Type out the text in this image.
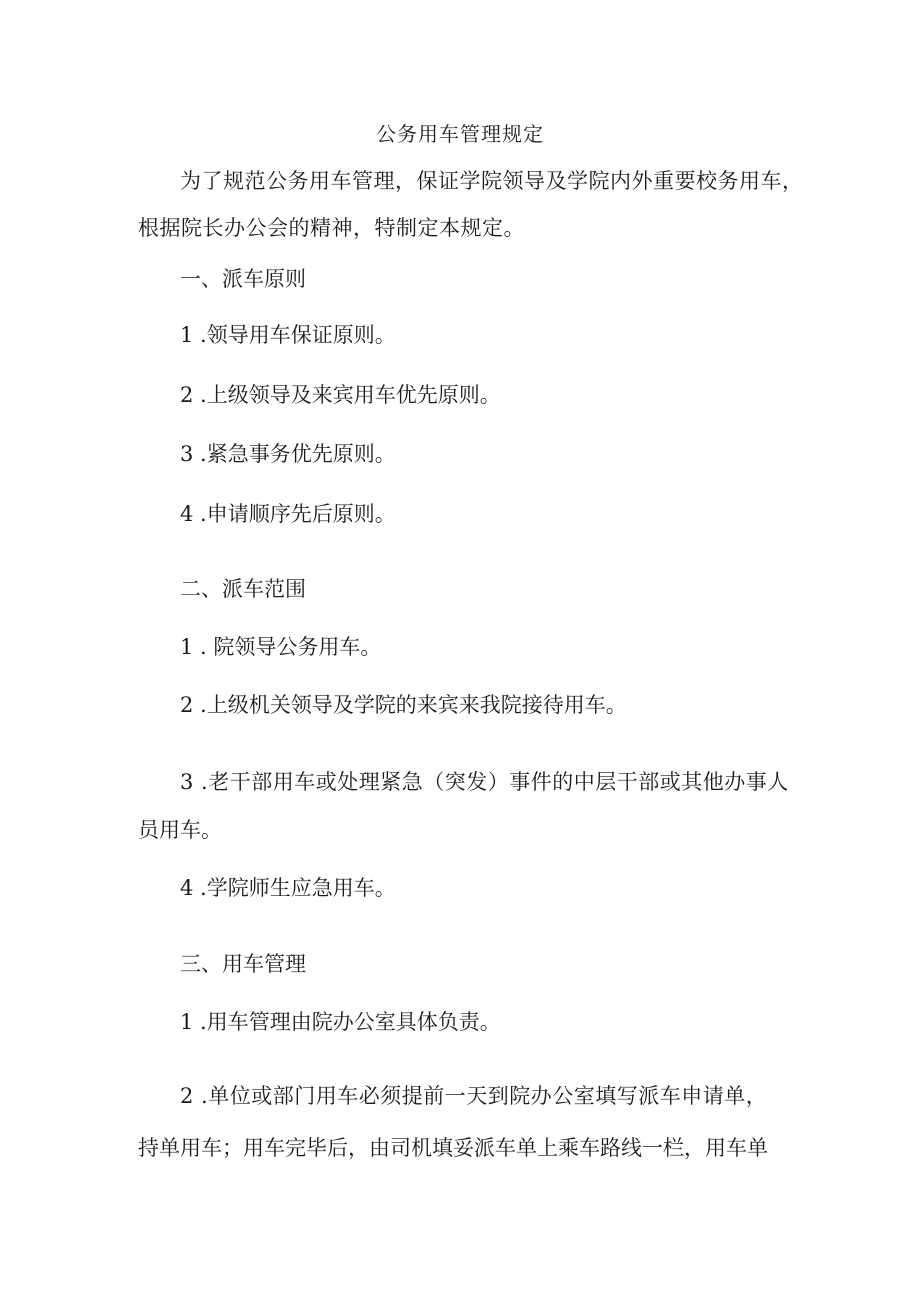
公务用车管理规定
为了规范公务用车管理，保证学院领导及学院内外重要校务用车，
根据院长办公会的精神，特制定本规定。
一、派车原则
1 .领导用车保证原则。
2 .上级领导及来宾用车优先原则。
3 .紧急事务优先原则。
4 .申请顺序先后原则。
二、派车范围
1 . 院领导公务用车。
2 .上级机关领导及学院的来宾来我院接待用车。
3 .老干部用车或处理紧急（突发）事件的中层干部或其他办事人
员用车。
4 .学院师生应急用车。
三、用车管理
1 .用车管理由院办公室具体负责。
2 .单位或部门用车必须提前一天到院办公室填写派车申请单，
持单用车；用车完毕后，由司机填妥派车单上乘车路线一栏，用车单
